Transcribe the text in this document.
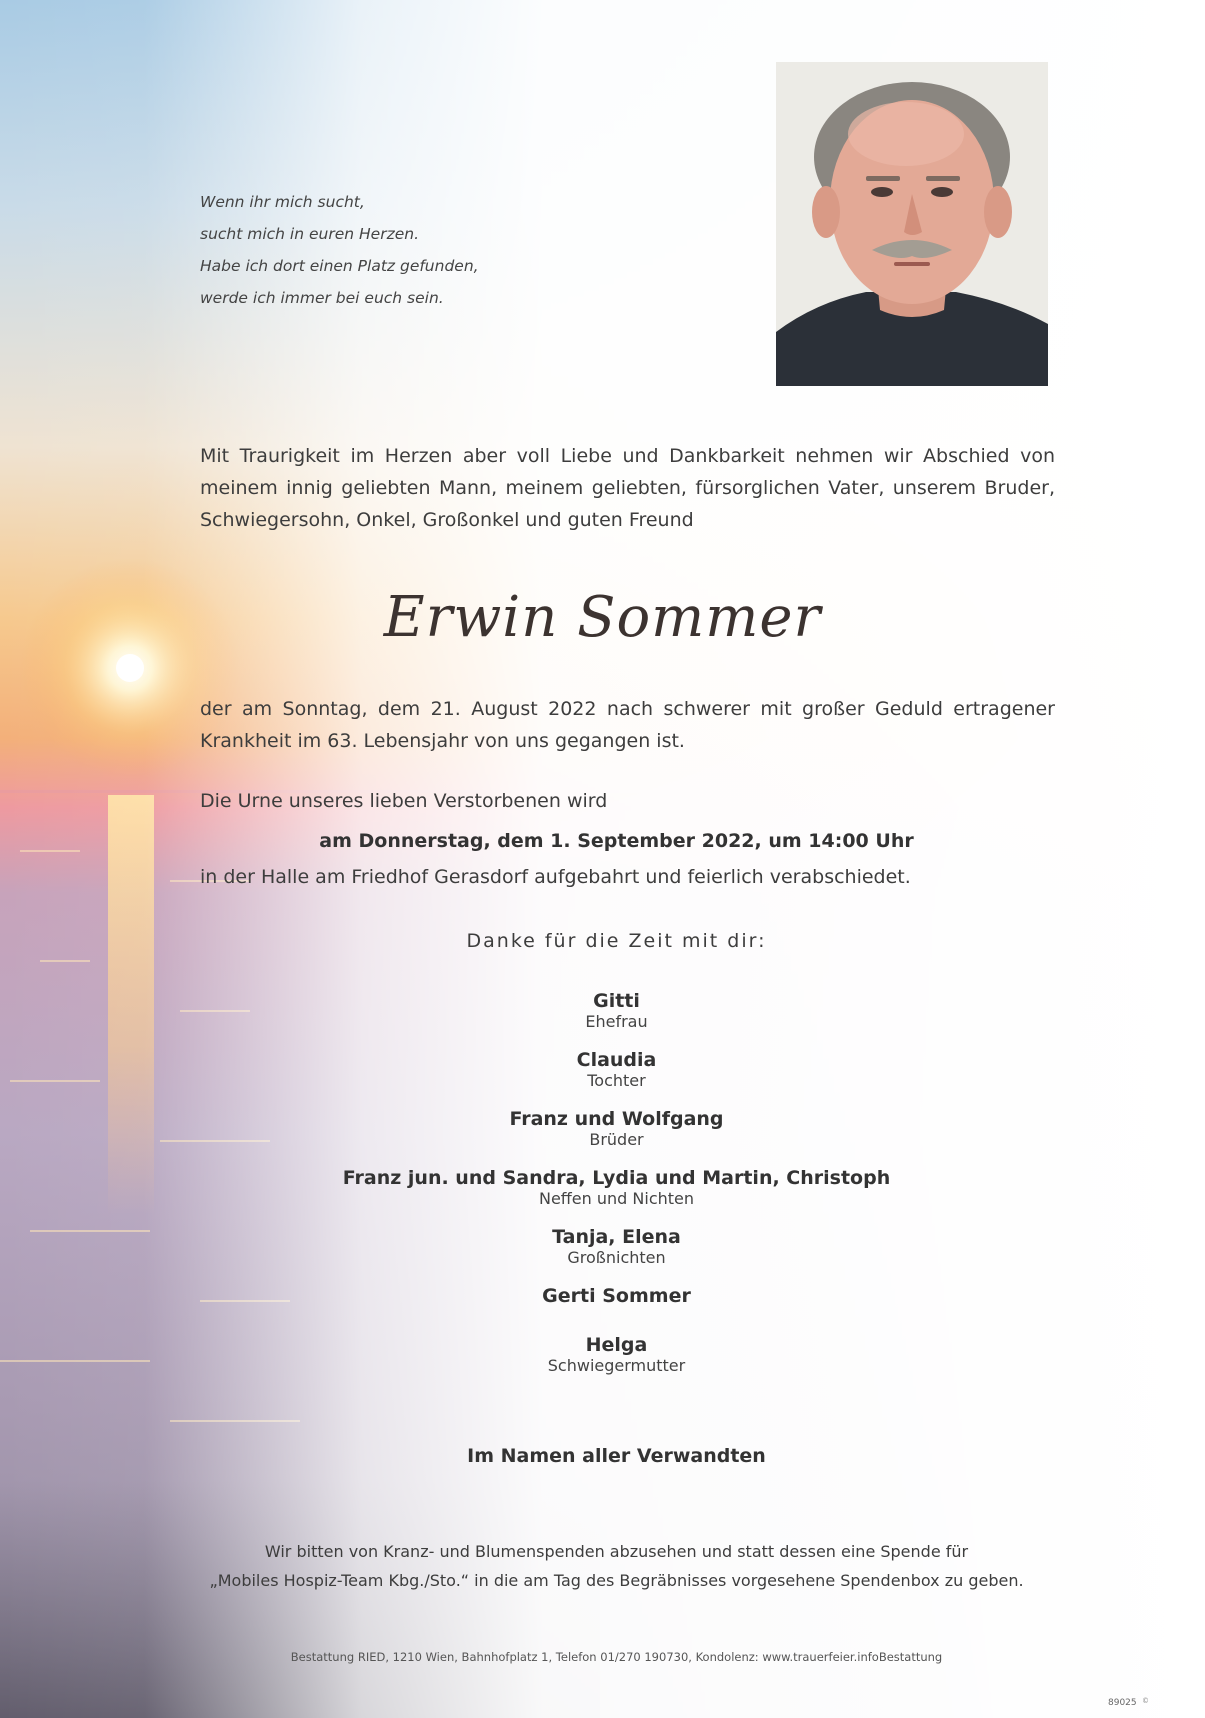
Wenn ihr mich sucht,
sucht mich in euren Herzen.
Habe ich dort einen Platz gefunden,
werde ich immer bei euch sein.
Mit Traurigkeit im Herzen aber voll Liebe und Dankbarkeit nehmen wir Abschied von meinem innig geliebten Mann, meinem geliebten, fürsorglichen Vater, unserem Bruder, Schwiegersohn, Onkel, Großonkel und guten Freund
Erwin Sommer
der am Sonntag, dem 21. August 2022 nach schwerer mit großer Geduld ertragener Krankheit im 63. Lebensjahr von uns gegangen ist.
Die Urne unseres lieben Verstorbenen wird
am Donnerstag, dem 1. September 2022, um 14:00 Uhr
in der Halle am Friedhof Gerasdorf aufgebahrt und feierlich verabschiedet.
Danke für die Zeit mit dir:
Gitti
Ehefrau
Claudia
Tochter
Franz und Wolfgang
Brüder
Franz jun. und Sandra, Lydia und Martin, Christoph
Neffen und Nichten
Tanja, Elena
Großnichten
Gerti Sommer
Helga
Schwiegermutter
Im Namen aller Verwandten
Wir bitten von Kranz- und Blumenspenden abzusehen und statt dessen eine Spende für
„Mobiles Hospiz-Team Kbg./Sto.“ in die am Tag des Begräbnisses vorgesehene Spendenbox zu geben.
Bestattung RIED, 1210 Wien, Bahnhofplatz 1, Telefon 01/270 190730, Kondolenz: www.trauerfeier.infoBestattung
89025 ©
